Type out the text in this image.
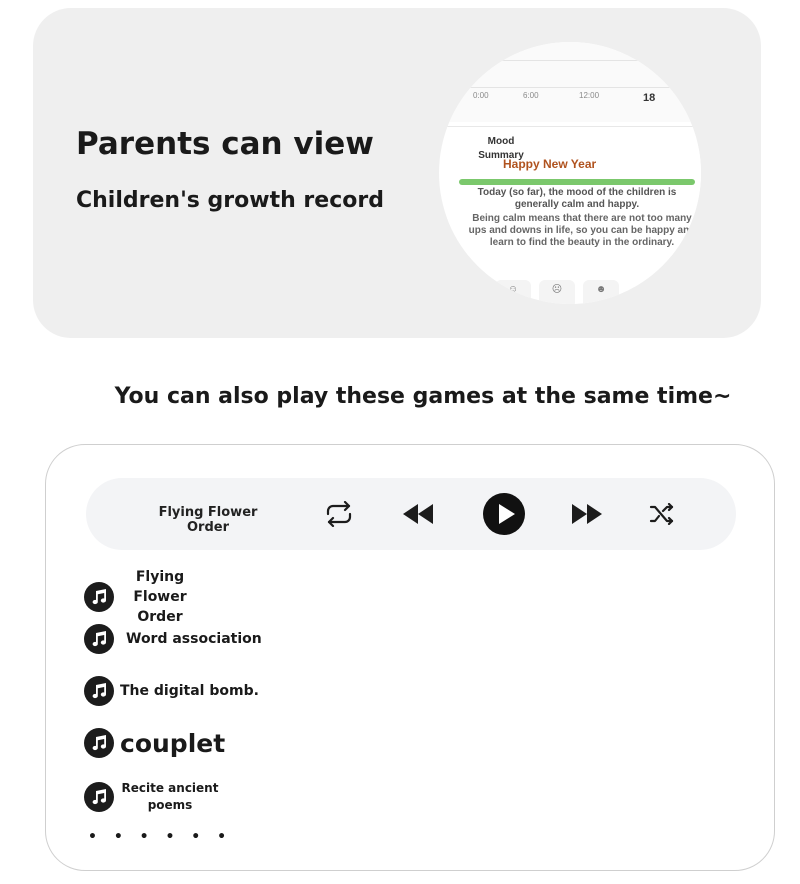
Parents can view
Children's growth record
0:00	6:00	12:00	18
Mood Summary
Happy New Year
Today (so far), the mood of the children is generally calm and happy.
Being calm means that there are not too many ups and downs in life, so you can be happy and learn to find the beauty in the ordinary.
☺	☹	☻
You can also play these games at the same time~
Flying Flower Order
Flying Flower Order
Word association
The digital bomb.
couplet
Recite ancient poems
• • • • • •
